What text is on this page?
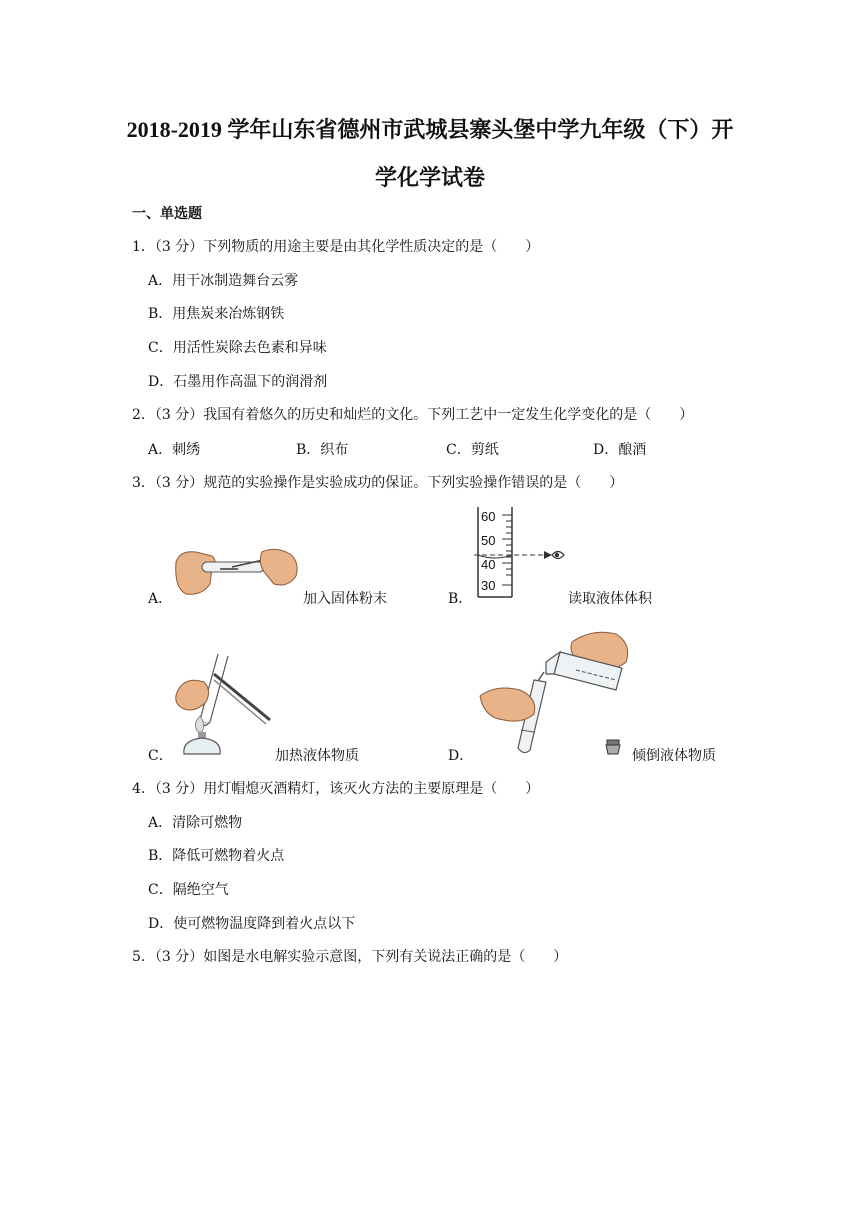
2018-2019 学年山东省德州市武城县寨头堡中学九年级（下）开
学化学试卷
一、单选题
1．（3 分）下列物质的用途主要是由其化学性质决定的是（　　）
A．用干冰制造舞台云雾
B．用焦炭来冶炼钢铁
C．用活性炭除去色素和异味
D．石墨用作高温下的润滑剂
2．（3 分）我国有着悠久的历史和灿烂的文化。下列工艺中一定发生化学变化的是（　　）
A．刺绣	B．织布	C．剪纸	D．酿酒
3．（3 分）规范的实验操作是实验成功的保证。下列实验操作错误的是（　　）
A．	加入固体粉末	B．
60
50
40
30
读取液体体积
C．	加热液体物质	D．	倾倒液体物质
4．（3 分）用灯帽熄灭酒精灯，该灭火方法的主要原理是（　　）
A．清除可燃物
B．降低可燃物着火点
C．隔绝空气
D．使可燃物温度降到着火点以下
5．（3 分）如图是水电解实验示意图，下列有关说法正确的是（　　）
